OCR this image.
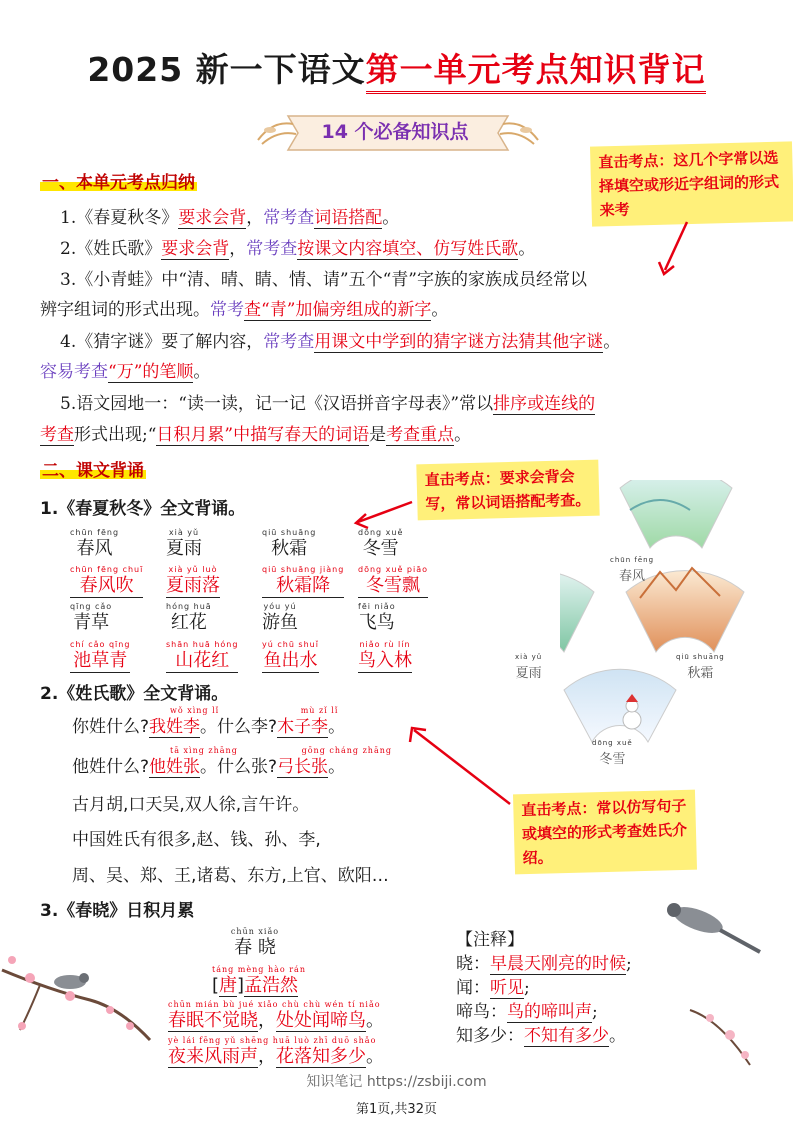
2025 新一下语文第一单元考点知识背记
14 个必备知识点
一、本单元考点归纳
直击考点：这几个字常以选择填空或形近字组词的形式来考
1.《春夏秋冬》要求会背，常考查词语搭配。
2.《姓氏歌》要求会背，常考查按课文内容填空、仿写姓氏歌。
3.《小青蛙》中“清、晴、睛、情、请”五个“青”字族的家族成员经常以
辨字组词的形式出现。常考查“青”加偏旁组成的新字。
4.《猜字谜》要了解内容，常考查用课文中学到的猜字谜方法猜其他字谜。
容易考查“万”的笔顺。
5.语文园地一：“读一读，记一记《汉语拼音字母表》”常以排序或连线的
考查形式出现;“日积月累”中描写春天的词语是考查重点。
二、课文背诵	直击考点：要求会背会写，常以词语搭配考查。
1.《春夏秋冬》全文背诵。
chūn fēng
春风
xià yǔ
夏雨
qiū shuāng
秋霜
dōng xuě
冬雪
chūn fēng chuī
春风吹
xià yǔ luò
夏雨落
qiū shuāng jiàng
秋霜降
dōng xuě piāo
冬雪飘
qīng cǎo
青草
hóng huā
红花
yóu yú
游鱼
fēi niǎo
飞鸟
chí cǎo qīng
池草青
shān huā hóng
山花红
yú chū shuǐ
鱼出水
niǎo rù lín
鸟入林
chūn fēng
春风
xià yǔ
夏雨
qiū shuāng
秋霜
dōng xuě
冬雪
2.《姓氏歌》全文背诵。
直击考点：常以仿写句子或填空的形式考查姓氏介绍。
wǒ xìng lǐ                       mù zǐ lǐ
你姓什么?我姓李。什么李?木子李。
tā xìng zhāng                  gōng cháng zhāng
他姓什么?他姓张。什么张?弓长张。
古月胡,口天吴,双人徐,言午许。
中国姓氏有很多,赵、钱、孙、李,
周、吴、郑、王,诸葛、东方,上官、欧阳…
3.《春晓》日积月累
chūn xiǎo
春 晓
táng mèng hào rán
[唐]孟浩然
chūn mián bù jué xiǎo chù chù wén tí niǎo
春眠不觉晓，处处闻啼鸟。
yè lái fēng yǔ shēng huā luò zhī duō shǎo
夜来风雨声，花落知多少。
【注释】
晓：早晨天刚亮的时候;
闻：听见;
啼鸟：鸟的啼叫声;
知多少：不知有多少。
知识笔记 https://zsbiji.com
第1页,共32页
